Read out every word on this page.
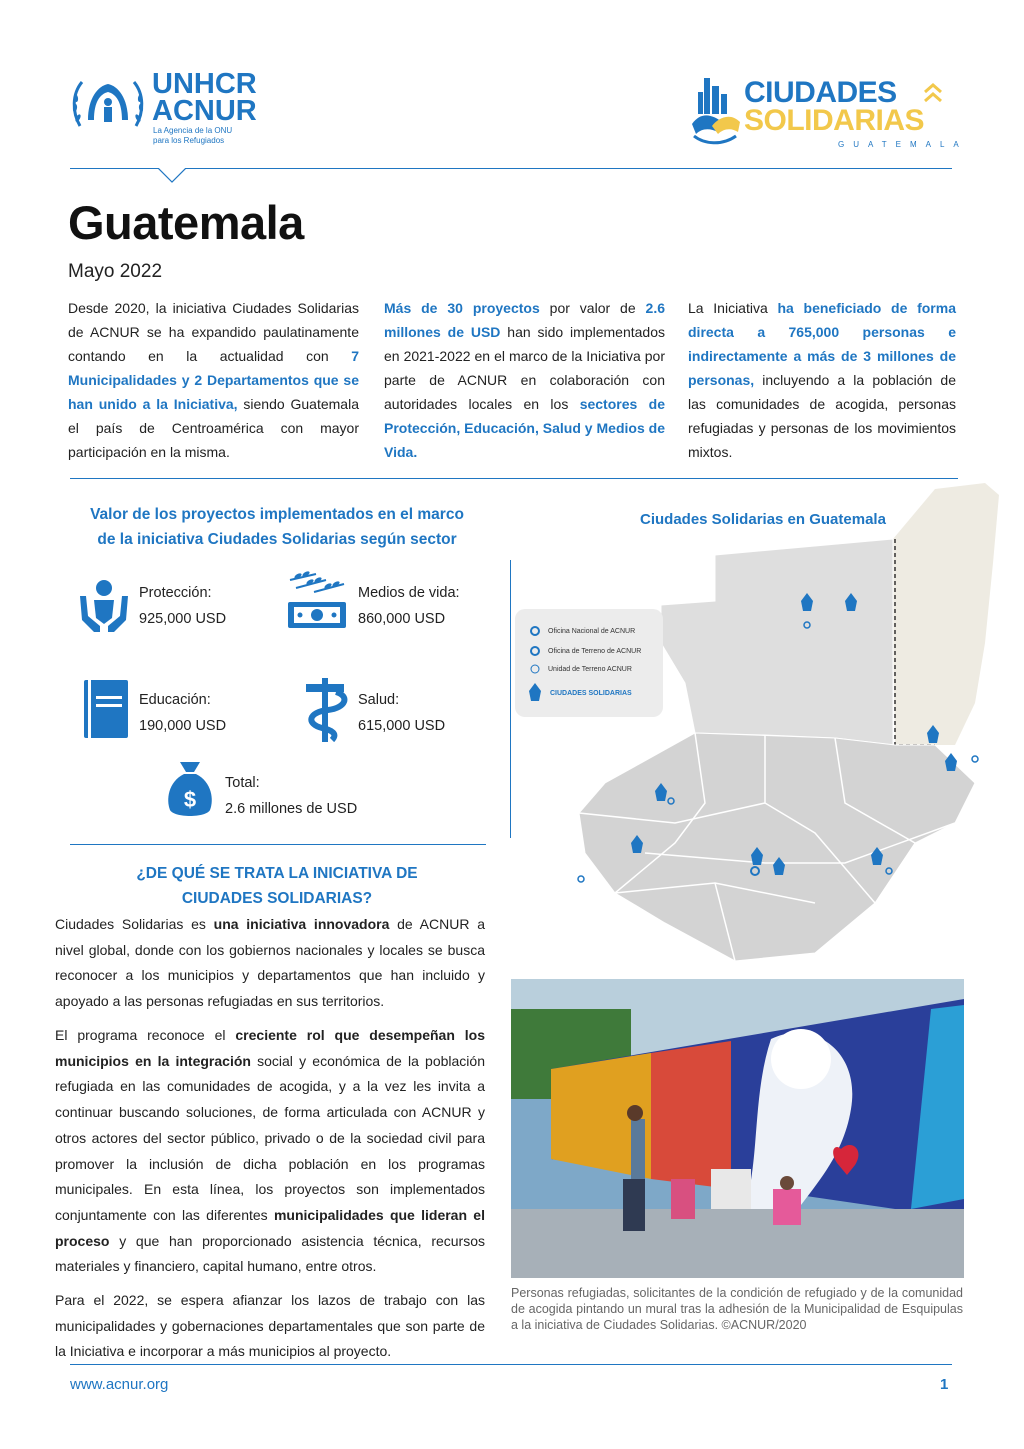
UNHCR
ACNUR
La Agencia de la ONU
para los Refugiados
CIUDADES
SOLIDARIAS
GUATEMALA
Guatemala
Mayo 2022
Desde 2020, la iniciativa Ciudades Solidarias de ACNUR se ha expandido paulatinamente contando en la actualidad con 7 Municipalidades y 2 Departamentos que se han unido a la Iniciativa, siendo Guatemala el país de Centroamérica con mayor participación en la misma.
Más de 30 proyectos por valor de 2.6 millones de USD han sido implementados en 2021-2022 en el marco de la Iniciativa por parte de ACNUR en colaboración con autoridades locales en los sectores de Protección, Educación, Salud y Medios de Vida.
La Iniciativa ha beneficiado de forma directa a 765,000 personas e indirectamente a más de 3 millones de personas, incluyendo a la población de las comunidades de acogida, personas refugiadas y personas de los movimientos mixtos.
Valor de los proyectos implementados en el marco
de la iniciativa Ciudades Solidarias según sector
Protección:
925,000 USD
Medios de vida:
860,000 USD
Educación:
190,000 USD
Salud:
615,000 USD
$
Total:
2.6 millones de USD
Ciudades Solidarias en Guatemala
Oficina Nacional de ACNUR
Oficina de Terreno de ACNUR
Unidad de Terreno ACNUR
CIUDADES SOLIDARIAS
¿DE QUÉ SE TRATA LA INICIATIVA DE
CIUDADES SOLIDARIAS?
Ciudades Solidarias es una iniciativa innovadora de ACNUR a nivel global, donde con los gobiernos nacionales y locales se busca reconocer a los municipios y departamentos que han incluido y apoyado a las personas refugiadas en sus territorios.
El programa reconoce el creciente rol que desempeñan los municipios en la integración social y económica de la población refugiada en las comunidades de acogida, y a la vez les invita a continuar buscando soluciones, de forma articulada con ACNUR y otros actores del sector público, privado o de la sociedad civil para promover la inclusión de dicha población en los programas municipales. En esta línea, los proyectos son implementados conjuntamente con las diferentes municipalidades que lideran el proceso y que han proporcionado asistencia técnica, recursos materiales y financiero, capital humano, entre otros.
Para el 2022, se espera afianzar los lazos de trabajo con las municipalidades y gobernaciones departamentales que son parte de la Iniciativa e incorporar a más municipios al proyecto.
Personas refugiadas, solicitantes de la condición de refugiado y de la comunidad de acogida pintando un mural tras la adhesión de la Municipalidad de Esquipulas a la iniciativa de Ciudades Solidarias. ©ACNUR/2020
www.acnur.org	1
